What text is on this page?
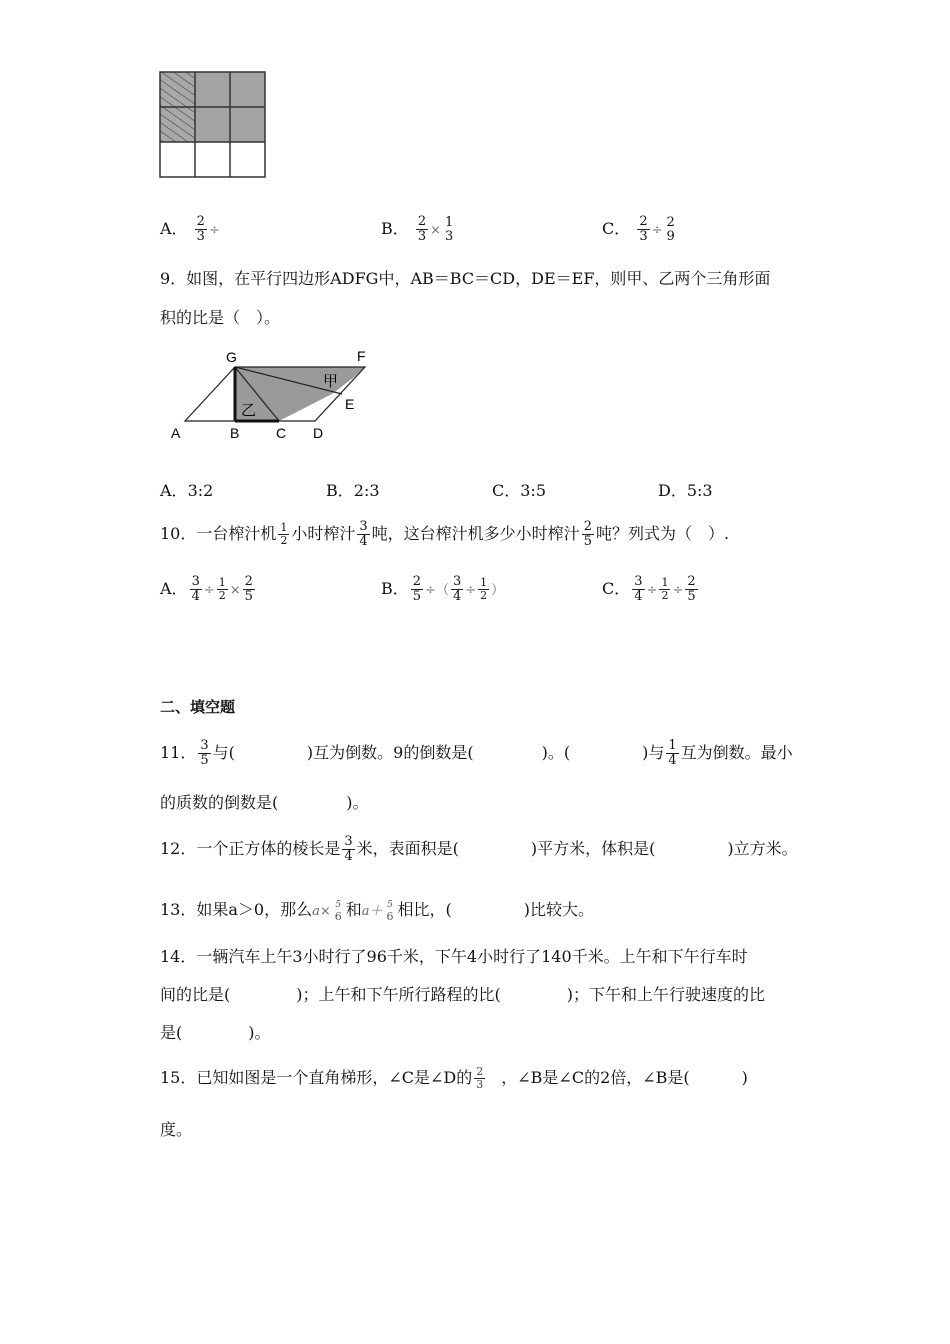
A． $\frac{2}{3}$ ÷	B． $\frac{2}{3}$ ×
1
3	C． $\frac{2}{3}$ ÷
2
9
9．如图，在平行四边形ADFG中，AB＝BC＝CD，DE＝EF，则甲、乙两个三角形面
积的比是（　）。
G	F
E
A	B	C D
甲
乙
A．3:2	B．2:3	C．3:5	D．5:3
10．一台榨汁机 $\frac{1}{2}$ 小时榨汁 $\frac{3}{4}$ 吨，这台榨汁机多少小时榨汁 $\frac{2}{5}$ 吨？列式为（　）.
A． $\frac{3}{4} \div \frac{1}{2} \times \frac{2}{5}$	B． $\frac{2}{5}$ ÷（ $\frac{3}{4} \div \frac{1}{2}$ ）	C． $\frac{3}{4} \div \frac{1}{2} \div \frac{2}{5}$
二、填空题
11． $\frac{3}{5}$ 与(	)互为倒数。9的倒数是(	)。(	)与 $\frac{1}{4}$ 互为倒数。最小
的质数的倒数是(	)。
12．一个正方体的棱长是 $\frac{3}{4}$ 米，表面积是(	)平方米，体积是(	)立方米。
13．如果a＞0，那么a× 5
6 和a＋ 5
6 相比，(	)比较大。
14．一辆汽车上午3小时行了96千米，下午4小时行了140千米。上午和下午行车时
间的比是(	)；上午和下午所行路程的比(	)；下午和上午行驶速度的比
是(	)。
15．已知如图是一个直角梯形，∠C是∠D的 $\frac{2}{3}$ ，∠B是∠C的2倍，∠B是(	)
度。
